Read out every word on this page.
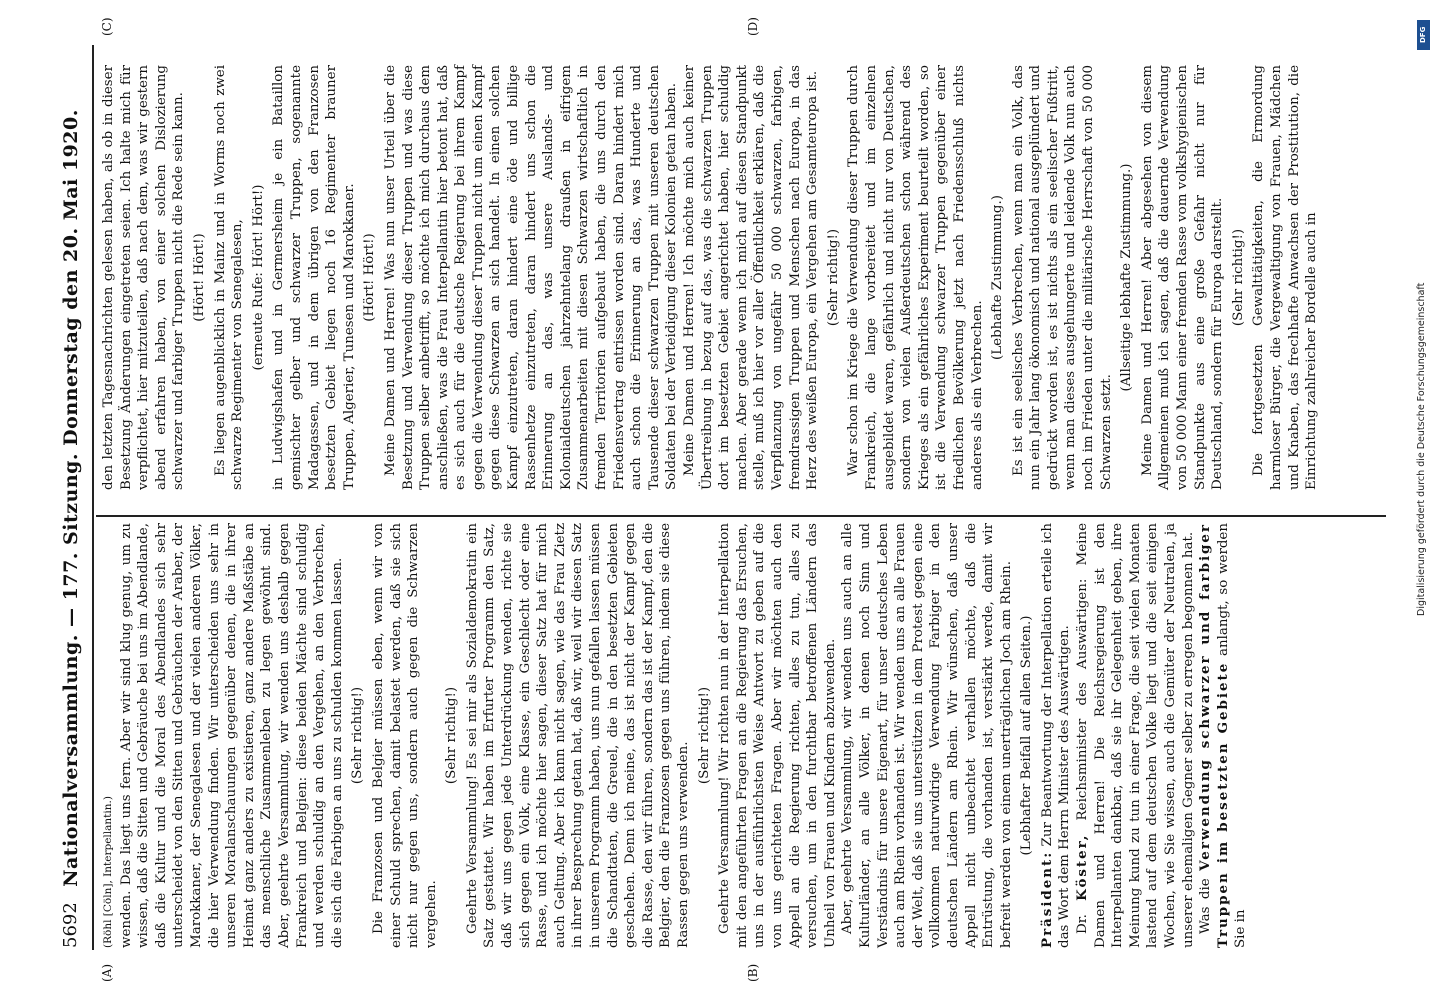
5692
Nationalversammlung. — 177. Sitzung. Donnerstag den 20. Mai 1920.
(A)	(B)
(C)	(D)

(Röhl [Cöln], Interpellantin.) wenden. Das liegt uns fern. Aber wir sind klug genug, um zu wissen, daß die Sitten und Gebräuche bei uns im Abendlande, daß die Kultur und die Moral des Abendlandes sich sehr unterscheidet von den Sitten und Gebräuchen der Araber, der Marokkaner, der Senegalesen und der vielen anderen Völker, die hier Verwendung finden. Wir unterscheiden uns sehr in unseren Moralanschauungen gegenüber denen, die in ihrer Heimat ganz anders zu existieren, ganz andere Maßstäbe an das menschliche Zusammenleben zu legen gewöhnt sind. Aber, geehrte Versammlung, wir wenden uns deshalb gegen Frankreich und Belgien: diese beiden Mächte sind schuldig und werden schuldig an den Vergehen, an den Verbrechen, die sich die Farbigen an uns zu schulden kommen lassen. (Sehr richtig!) Die Franzosen und Belgier müssen eben, wenn wir von einer Schuld sprechen, damit belastet werden, daß sie sich nicht nur gegen uns, sondern auch gegen die Schwarzen vergehen.

(Sehr richtig!) Geehrte Versammlung! Es sei mir als Sozialdemokratin ein Satz gestattet. Wir haben im Erfurter Programm den Satz, daß wir uns gegen jede Unterdrückung wenden, richte sie sich gegen ein Volk, eine Klasse, ein Geschlecht oder eine Rasse, und ich möchte hier sagen, dieser Satz hat für mich auch Geltung. Aber ich kann nicht sagen, wie das Frau Zietz in ihrer Besprechung getan hat, daß wir, weil wir diesen Satz in unserem Programm haben, uns nun gefallen lassen müssen die Schandtaten, die Greuel, die in den besetzten Gebieten geschehen. Denn ich meine, das ist nicht der Kampf gegen die Rasse, den wir führen, sondern das ist der Kampf, den die Belgier, den die Franzosen gegen uns führen, indem sie diese Rassen gegen uns verwenden.

(Sehr richtig!) Geehrte Versammlung! Wir richten nun in der Interpellation mit den angeführten Fragen an die Regierung das Ersuchen, uns in der ausführlichsten Weise Antwort zu geben auf die von uns gerichteten Fragen. Aber wir möchten auch den Appell an die Regierung richten, alles zu tun, alles zu versuchen, um in den furchtbar betroffenen Ländern das Unheil von Frauen und Kindern abzuwenden. Aber, geehrte Versammlung, wir wenden uns auch an alle Kulturländer, an alle Völker, in denen noch Sinn und Verständnis für unsere Eigenart, für unser deutsches Leben auch am Rhein vorhanden ist. Wir wenden uns an alle Frauen der Welt, daß sie uns unterstützen in dem Protest gegen eine vollkommen naturwidrige Verwendung Farbiger in den deutschen Ländern am Rhein. Wir wünschen, daß unser Appell nicht unbeachtet verhallen möchte, daß die Entrüstung, die vorhanden ist, verstärkt werde, damit wir befreit werden von einem unerträglichen Joch am Rhein. (Lebhafter Beifall auf allen Seiten.)

Präsident: Zur Beantwortung der Interpellation erteile ich das Wort dem Herrn Minister des Auswärtigen. Dr. Köster, Reichsminister des Auswärtigen: Meine Damen und Herren! Die Reichsregierung ist den Interpellanten dankbar, daß sie ihr Gelegenheit geben, ihre Meinung kund zu tun in einer Frage, die seit vielen Monaten lastend auf dem deutschen Volke liegt und die seit einigen Wochen, wie Sie wissen, auch die Gemüter der Neutralen, ja unserer ehemaligen Gegner selber zu erregen begonnen hat. Was die Verwendung schwarzer und farbiger Truppen im besetzten Gebiete anlangt, so werden Sie in

den letzten Tagesnachrichten gelesen haben, als ob in dieser Besetzung Änderungen eingetreten seien. Ich halte mich für verpflichtet, hier mitzuteilen, daß nach dem, was wir gestern abend erfahren haben, von einer solchen Dislozierung schwarzer und farbiger Truppen nicht die Rede sein kann. (Hört! Hört!) Es liegen augenblicklich in Mainz und in Worms noch zwei schwarze Regimenter von Senegalesen, (erneute Rufe: Hört! Hört!) in Ludwigshafen und in Germersheim je ein Bataillon gemischter gelber und schwarzer Truppen, sogenannte Madagassen, und in dem übrigen von den Franzosen besetzten Gebiet liegen noch 16 Regimenter brauner Truppen, Algerier, Tunesen und Marokkaner. (Hört! Hört!) Meine Damen und Herren! Was nun unser Urteil über die Besetzung und Verwendung dieser Truppen und was diese Truppen selber anbetrifft, so möchte ich mich durchaus dem anschließen, was die Frau Interpellantin hier betont hat, daß es sich auch für die deutsche Regierung bei ihrem Kampf gegen die Verwendung dieser Truppen nicht um einen Kampf gegen diese Schwarzen an sich handelt. In einen solchen Kampf einzutreten, daran hindert eine öde und billige Rassenhetze einzutreten, daran hindert uns schon die Erinnerung an das, was unsere Auslands- und Kolonialdeutschen jahrzehntelang draußen in eifrigem Zusammenarbeiten mit diesen Schwarzen wirtschaftlich in fremden Territorien aufgebaut haben, die uns durch den Friedensvertrag entrissen worden sind. Daran hindert mich auch schon die Erinnerung an das, was Hunderte und Tausende dieser schwarzen Truppen mit unseren deutschen Soldaten bei der Verteidigung dieser Kolonien getan haben. Meine Damen und Herren! Ich möchte mich auch keiner Übertreibung in bezug auf das, was die schwarzen Truppen dort im besetzten Gebiet angerichtet haben, hier schuldig machen. Aber gerade wenn ich mich auf diesen Standpunkt stelle, muß ich hier vor aller Öffentlichkeit erklären, daß die Verpflanzung von ungefähr 50 000 schwarzen, farbigen, fremdrassigen Truppen und Menschen nach Europa, in das Herz des weißen Europa, ein Vergehen am Gesamteuropa ist. (Sehr richtig!) War schon im Kriege die Verwendung dieser Truppen durch Frankreich, die lange vorbereitet und im einzelnen ausgebildet waren, gefährlich und nicht nur von Deutschen, sondern von vielen Außerdeutschen schon während des Krieges als ein gefährliches Experiment beurteilt worden, so ist die Verwendung schwarzer Truppen gegenüber einer friedlichen Bevölkerung jetzt nach Friedensschluß nichts anderes als ein Verbrechen.

(Lebhafte Zustimmung.) Es ist ein seelisches Verbrechen, wenn man ein Volk, das nun ein Jahr lang ökonomisch und national ausgeplündert und gedrückt worden ist, es ist nichts als ein seelischer Fußtritt, wenn man dieses ausgehungerte und leidende Volk nun auch noch im Frieden unter die militärische Herrschaft von 50 000 Schwarzen setzt.

(Allseitige lebhafte Zustimmung.) Meine Damen und Herren! Aber abgesehen von diesem Allgemeinen muß ich sagen, daß die dauernde Verwendung von 50 000 Mann einer fremden Rasse vom volkshygienischen Standpunkte aus eine große Gefahr nicht nur für Deutschland, sondern für Europa darstellt. (Sehr richtig!) Die fortgesetzten Gewalttätigkeiten, die Ermordung harmloser Bürger, die Vergewaltigung von Frauen, Mädchen und Knaben, das frechhafte Anwachsen der Prostitution, die Einrichtung zahlreicher Bordelle auch in

DFG
Digitalisierung gefördert durch die Deutsche Forschungsgemeinschaft
